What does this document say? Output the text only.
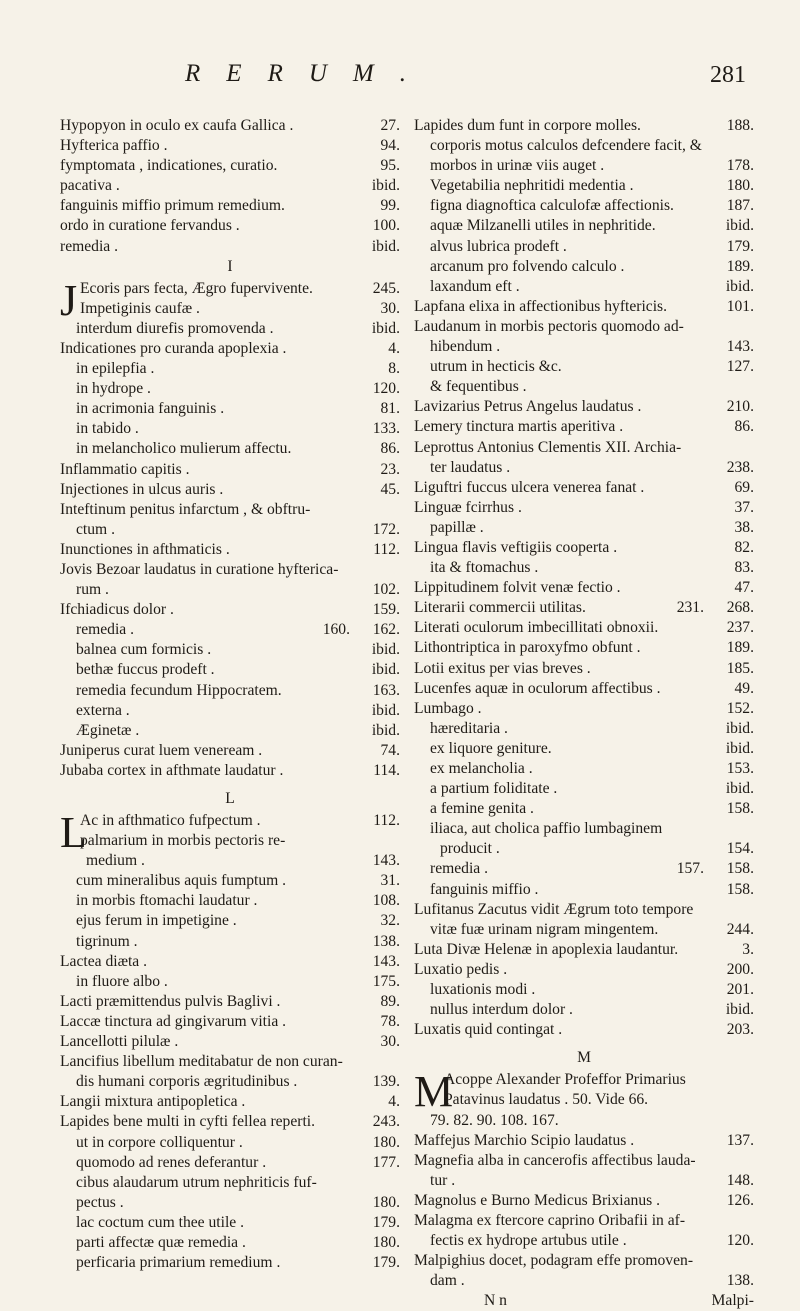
R E R U M .	281
Hypopyon in oculo ex caufa Gallica .	27.
Hyfterica paffio .	94.
fymptomata , indicationes, curatio.	95.
pacativa .	ibid.
fanguinis miffio primum remedium.	99.
ordo in curatione fervandus .	100.
remedia .	ibid.
I
J Ecoris pars fecta, Ægro fupervivente.	245.
Impetiginis caufæ .	30.
interdum diurefis promovenda .	ibid.
Indicationes pro curanda apoplexia .	4.
in epilepfia .	8.
in hydrope .	120.
in acrimonia fanguinis .	81.
in tabido .	133.
in melancholico mulierum affectu.	86.
Inflammatio capitis .	23.
Injectiones in ulcus auris .	45.
Inteftinum penitus infarctum , & obftru-
ctum .	172.
Inunctiones in afthmaticis .	112.
Jovis Bezoar laudatus in curatione hyfterica-
rum .	102.
Ifchiadicus dolor .	159.
remedia .	160. 162.
balnea cum formicis .	ibid.
bethæ fuccus prodeft .	ibid.
remedia fecundum Hippocratem.	163.
externa .	ibid.
Æginetæ .	ibid.
Juniperus curat luem veneream .	74.
Jubaba cortex in afthmate laudatur .	114.
L
L
Ac in afthmatico fufpectum .	112.
palmarium in morbis pectoris re-
medium .	143.
cum mineralibus aquis fumptum .	31.
in morbis ftomachi laudatur .	108.
ejus ferum in impetigine .	32.
tigrinum .	138.
Lactea diæta .	143.
in fluore albo .	175.
Lacti præmittendus pulvis Baglivi .	89.
Laccæ tinctura ad gingivarum vitia .	78.
Lancellotti pilulæ .	30.
Lancifius libellum meditabatur de non curan-
dis humani corporis ægritudinibus .	139.
Langii mixtura antipopletica .	4.
Lapides bene multi in cyfti fellea reperti.	243.
ut in corpore colliquentur .	180.
quomodo ad renes deferantur .	177.
cibus alaudarum utrum nephriticis fuf-
pectus .	180.
lac coctum cum thee utile .	179.
parti affectæ quæ remedia .	180.
perficaria primarium remedium .	179.
Lapides dum funt in corpore molles.	188.
corporis motus calculos defcendere facit, &
morbos in urinæ viis auget .	178.
Vegetabilia nephritidi medentia .	180.
figna diagnoftica calculofæ affectionis.	187.
aquæ Milzanelli utiles in nephritide.	ibid.
alvus lubrica prodeft .	179.
arcanum pro folvendo calculo .	189.
laxandum eft .	ibid.
Lapfana elixa in affectionibus hyftericis.	101.
Laudanum in morbis pectoris quomodo ad-
hibendum .	143.
utrum in hecticis &c.	127.
& fequentibus .
Lavizarius Petrus Angelus laudatus .	210.
Lemery tinctura martis aperitiva .	86.
Leprottus Antonius Clementis XII. Archia-
ter laudatus .	238.
Liguftri fuccus ulcera venerea fanat .	69.
Linguæ fcirrhus .	37.
papillæ .	38.
Lingua flavis veftigiis cooperta .	82.
ita & ftomachus .	83.
Lippitudinem folvit venæ fectio .	47.
Literarii commercii utilitas.	231. 268.
Literati oculorum imbecillitati obnoxii.	237.
Lithontriptica in paroxyfmo obfunt .	189.
Lotii exitus per vias breves .	185.
Lucenfes aquæ in oculorum affectibus .	49.
Lumbago .	152.
hæreditaria .	ibid.
ex liquore geniture.	ibid.
ex melancholia .	153.
a partium foliditate .	ibid.
a femine genita .	158.
iliaca, aut cholica paffio lumbaginem
producit .	154.
remedia .	157. 158.
fanguinis miffio .	158.
Lufitanus Zacutus vidit Ægrum toto tempore
vitæ fuæ urinam nigram mingentem.	244.
Luta Divæ Helenæ in apoplexia laudantur.	3.
Luxatio pedis .	200.
luxationis modi .	201.
nullus interdum dolor .	ibid.
Luxatis quid contingat .	203.
M
M
Acoppe Alexander Profeffor Primarius
Patavinus laudatus . 50. Vide 66.
79. 82. 90. 108. 167.
Maffejus Marchio Scipio laudatus .	137.
Magnefia alba in cancerofis affectibus lauda-
tur .	148.
Magnolus e Burno Medicus Brixianus .	126.
Malagma ex ftercore caprino Oribafii in af-
fectis ex hydrope artubus utile .	120.
Malpighius docet, podagram effe promoven-
dam .	138.
N n	Malpi-
